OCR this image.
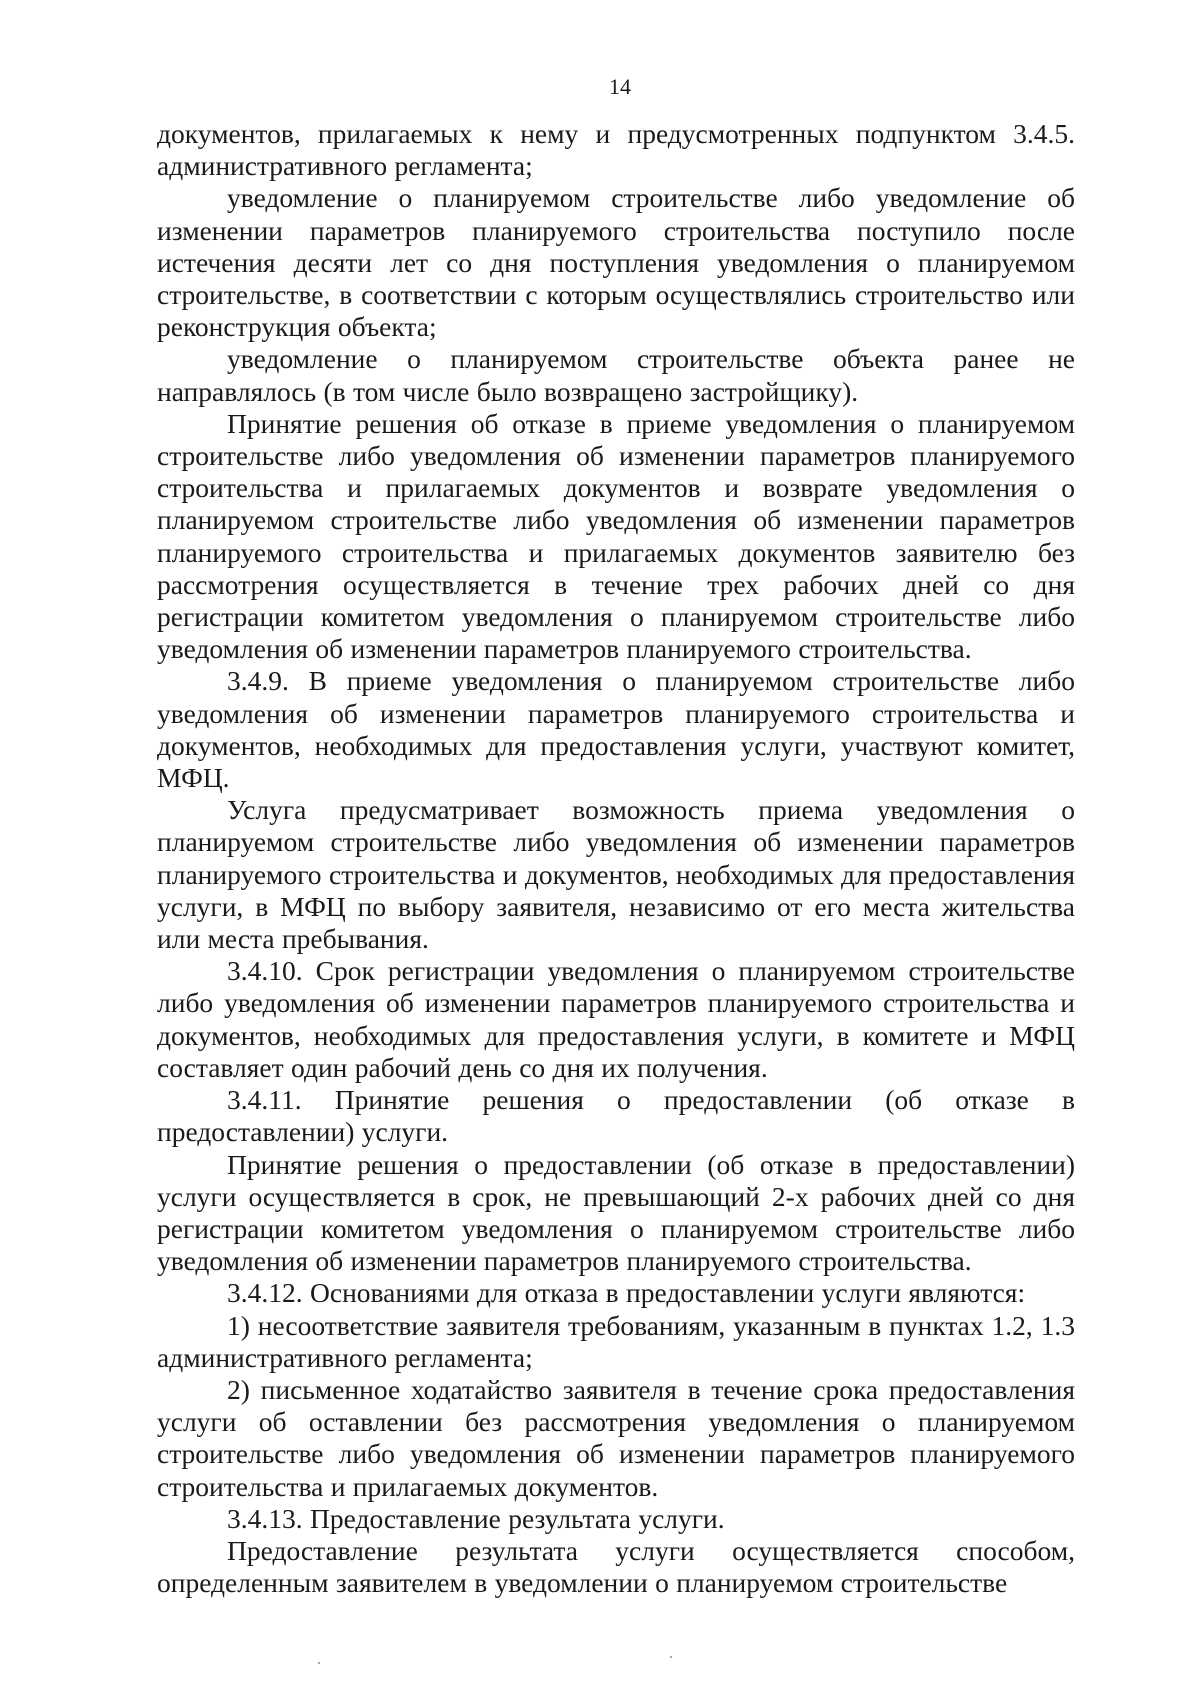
14

документов, прилагаемых к нему и предусмотренных подпунктом 3.4.5. административного регламента;

уведомление о планируемом строительстве либо уведомление об изменении параметров планируемого строительства поступило после истечения десяти лет со дня поступления уведомления о планируемом строительстве, в соответствии с которым осуществлялись строительство или реконструкция объекта;

уведомление о планируемом строительстве объекта ранее не направлялось (в том числе было возвращено застройщику).

Принятие решения об отказе в приеме уведомления о планируемом строительстве либо уведомления об изменении параметров планируемого строительства и прилагаемых документов и возврате уведомления о планируемом строительстве либо уведомления об изменении параметров планируемого строительства и прилагаемых документов заявителю без рассмотрения осуществляется в течение трех рабочих дней со дня регистрации комитетом уведомления о планируемом строительстве либо уведомления об изменении параметров планируемого строительства.

3.4.9. В приеме уведомления о планируемом строительстве либо уведомления об изменении параметров планируемого строительства и документов, необходимых для предоставления услуги, участвуют комитет, МФЦ.

Услуга предусматривает возможность приема уведомления о планируемом строительстве либо уведомления об изменении параметров планируемого строительства и документов, необходимых для предоставления услуги, в МФЦ по выбору заявителя, независимо от его места жительства или места пребывания.

3.4.10. Срок регистрации уведомления о планируемом строительстве либо уведомления об изменении параметров планируемого строительства и документов, необходимых для предоставления услуги, в комитете и МФЦ составляет один рабочий день со дня их получения.

3.4.11. Принятие решения о предоставлении (об отказе в предоставлении) услуги.

Принятие решения о предоставлении (об отказе в предоставлении) услуги осуществляется в срок, не превышающий 2-х рабочих дней со дня регистрации комитетом уведомления о планируемом строительстве либо уведомления об изменении параметров планируемого строительства.

3.4.12. Основаниями для отказа в предоставлении услуги являются:

1) несоответствие заявителя требованиям, указанным в пунктах 1.2, 1.3 административного регламента;

2) письменное ходатайство заявителя в течение срока предоставления услуги об оставлении без рассмотрения уведомления о планируемом строительстве либо уведомления об изменении параметров планируемого строительства и прилагаемых документов.

3.4.13. Предоставление результата услуги.

Предоставление результата услуги осуществляется способом, определенным заявителем в уведомлении о планируемом строительстве
